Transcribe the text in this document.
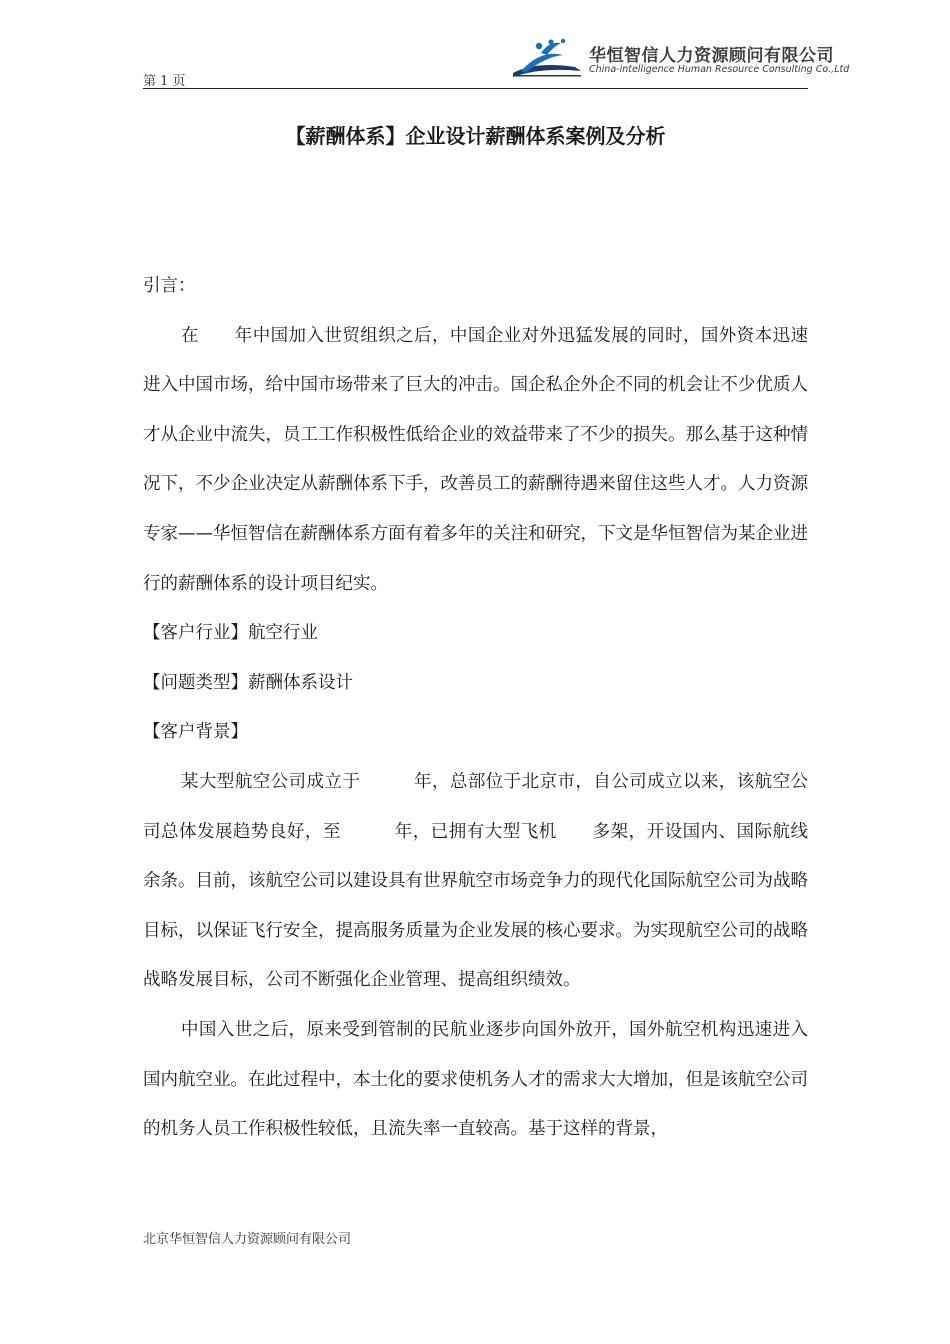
第 1 页
华恒智信人力资源顾问有限公司
China-intelligence Human Resource Consulting Co.,Ltd
【薪酬体系】企业设计薪酬体系案例及分析

引言：

在　　年中国加入世贸组织之后，中国企业对外迅猛发展的同时，国外资本迅速进入中国市场，给中国市场带来了巨大的冲击。国企私企外企不同的机会让不少优质人才从企业中流失，员工工作积极性低给企业的效益带来了不少的损失。那么基于这种情况下，不少企业决定从薪酬体系下手，改善员工的薪酬待遇来留住这些人才。人力资源专家——华恒智信在薪酬体系方面有着多年的关注和研究，下文是华恒智信为某企业进行的薪酬体系的设计项目纪实。

【客户行业】航空行业

【问题类型】薪酬体系设计

【客户背景】

某大型航空公司成立于　　　年，总部位于北京市，自公司成立以来，该航空公司总体发展趋势良好，至　　　年，已拥有大型飞机　　多架，开设国内、国际航线　　　余条。目前，该航空公司以建设具有世界航空市场竞争力的现代化国际航空公司为战略目标，以保证飞行安全，提高服务质量为企业发展的核心要求。为实现航空公司的战略战略发展目标，公司不断强化企业管理、提高组织绩效。

中国入世之后，原来受到管制的民航业逐步向国外放开，国外航空机构迅速进入国内航空业。在此过程中，本土化的要求使机务人才的需求大大增加，但是该航空公司的机务人员工作积极性较低，且流失率一直较高。基于这样的背景，

北京华恒智信人力资源顾问有限公司
